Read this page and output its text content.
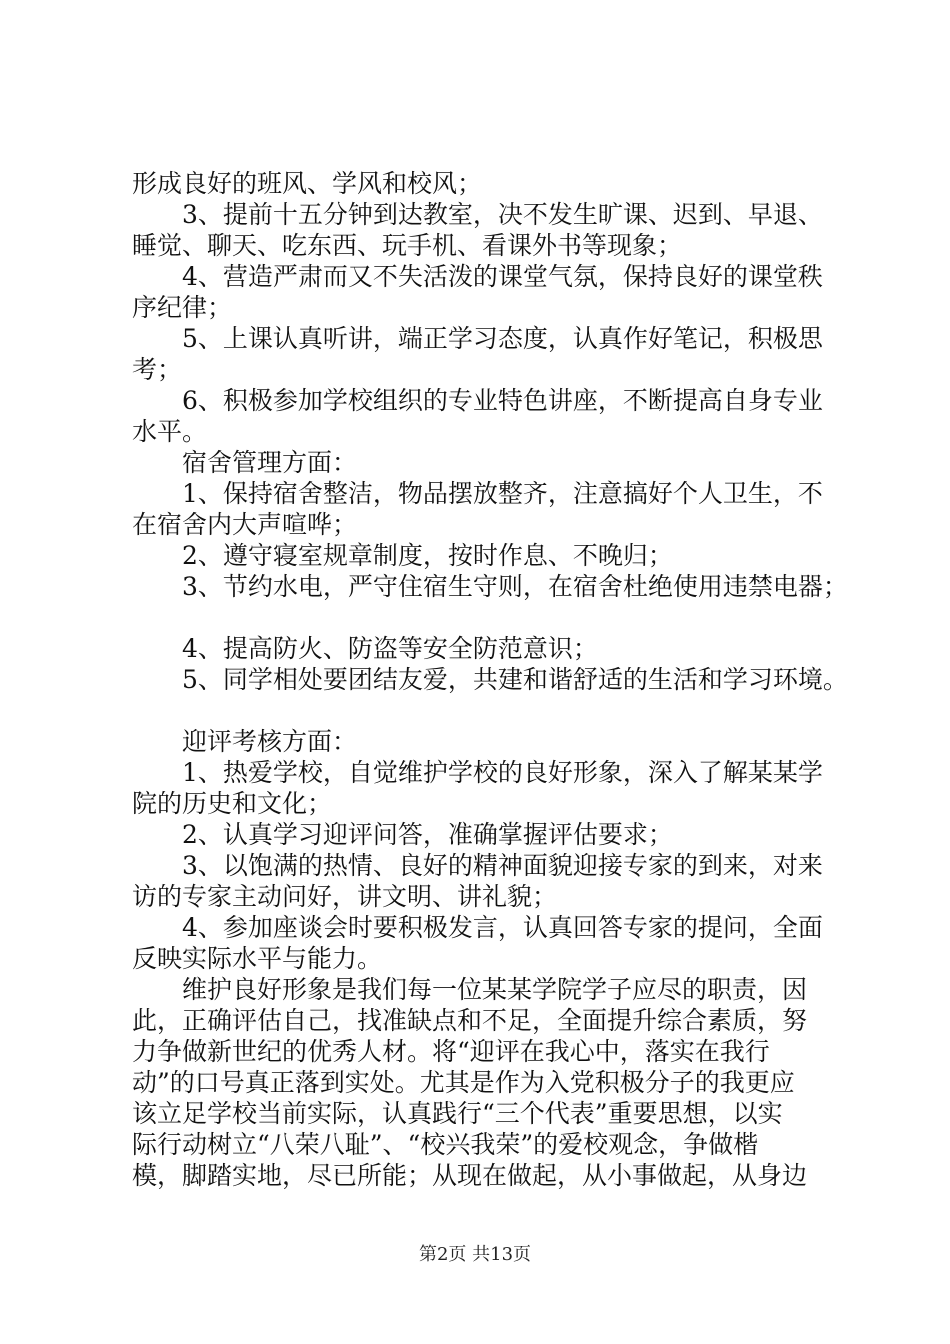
形成良好的班风、学风和校风；
　　3、提前十五分钟到达教室，决不发生旷课、迟到、早退、
睡觉、聊天、吃东西、玩手机、看课外书等现象；
　　4、营造严肃而又不失活泼的课堂气氛，保持良好的课堂秩
序纪律；
　　5、上课认真听讲，端正学习态度，认真作好笔记，积极思
考；
　　6、积极参加学校组织的专业特色讲座，不断提高自身专业
水平。
　　宿舍管理方面：
　　1、保持宿舍整洁，物品摆放整齐，注意搞好个人卫生，不
在宿舍内大声喧哗；
　　2、遵守寝室规章制度，按时作息、不晚归；
　　3、节约水电，严守住宿生守则，在宿舍杜绝使用违禁电器；
　　4、提高防火、防盗等安全防范意识；
　　5、同学相处要团结友爱，共建和谐舒适的生活和学习环境。
　　迎评考核方面：
　　1、热爱学校，自觉维护学校的良好形象，深入了解某某学
院的历史和文化；
　　2、认真学习迎评问答，准确掌握评估要求；
　　3、以饱满的热情、良好的精神面貌迎接专家的到来，对来
访的专家主动问好，讲文明、讲礼貌；
　　4、参加座谈会时要积极发言，认真回答专家的提问，全面
反映实际水平与能力。
　　维护良好形象是我们每一位某某学院学子应尽的职责，因
此，正确评估自己，找准缺点和不足，全面提升综合素质，努
力争做新世纪的优秀人材。将“迎评在我心中，落实在我行
动”的口号真正落到实处。尤其是作为入党积极分子的我更应
该立足学校当前实际，认真践行“三个代表”重要思想，以实
际行动树立“八荣八耻”、“校兴我荣”的爱校观念，争做楷
模，脚踏实地，尽已所能；从现在做起，从小事做起，从身边
第2页 共13页
